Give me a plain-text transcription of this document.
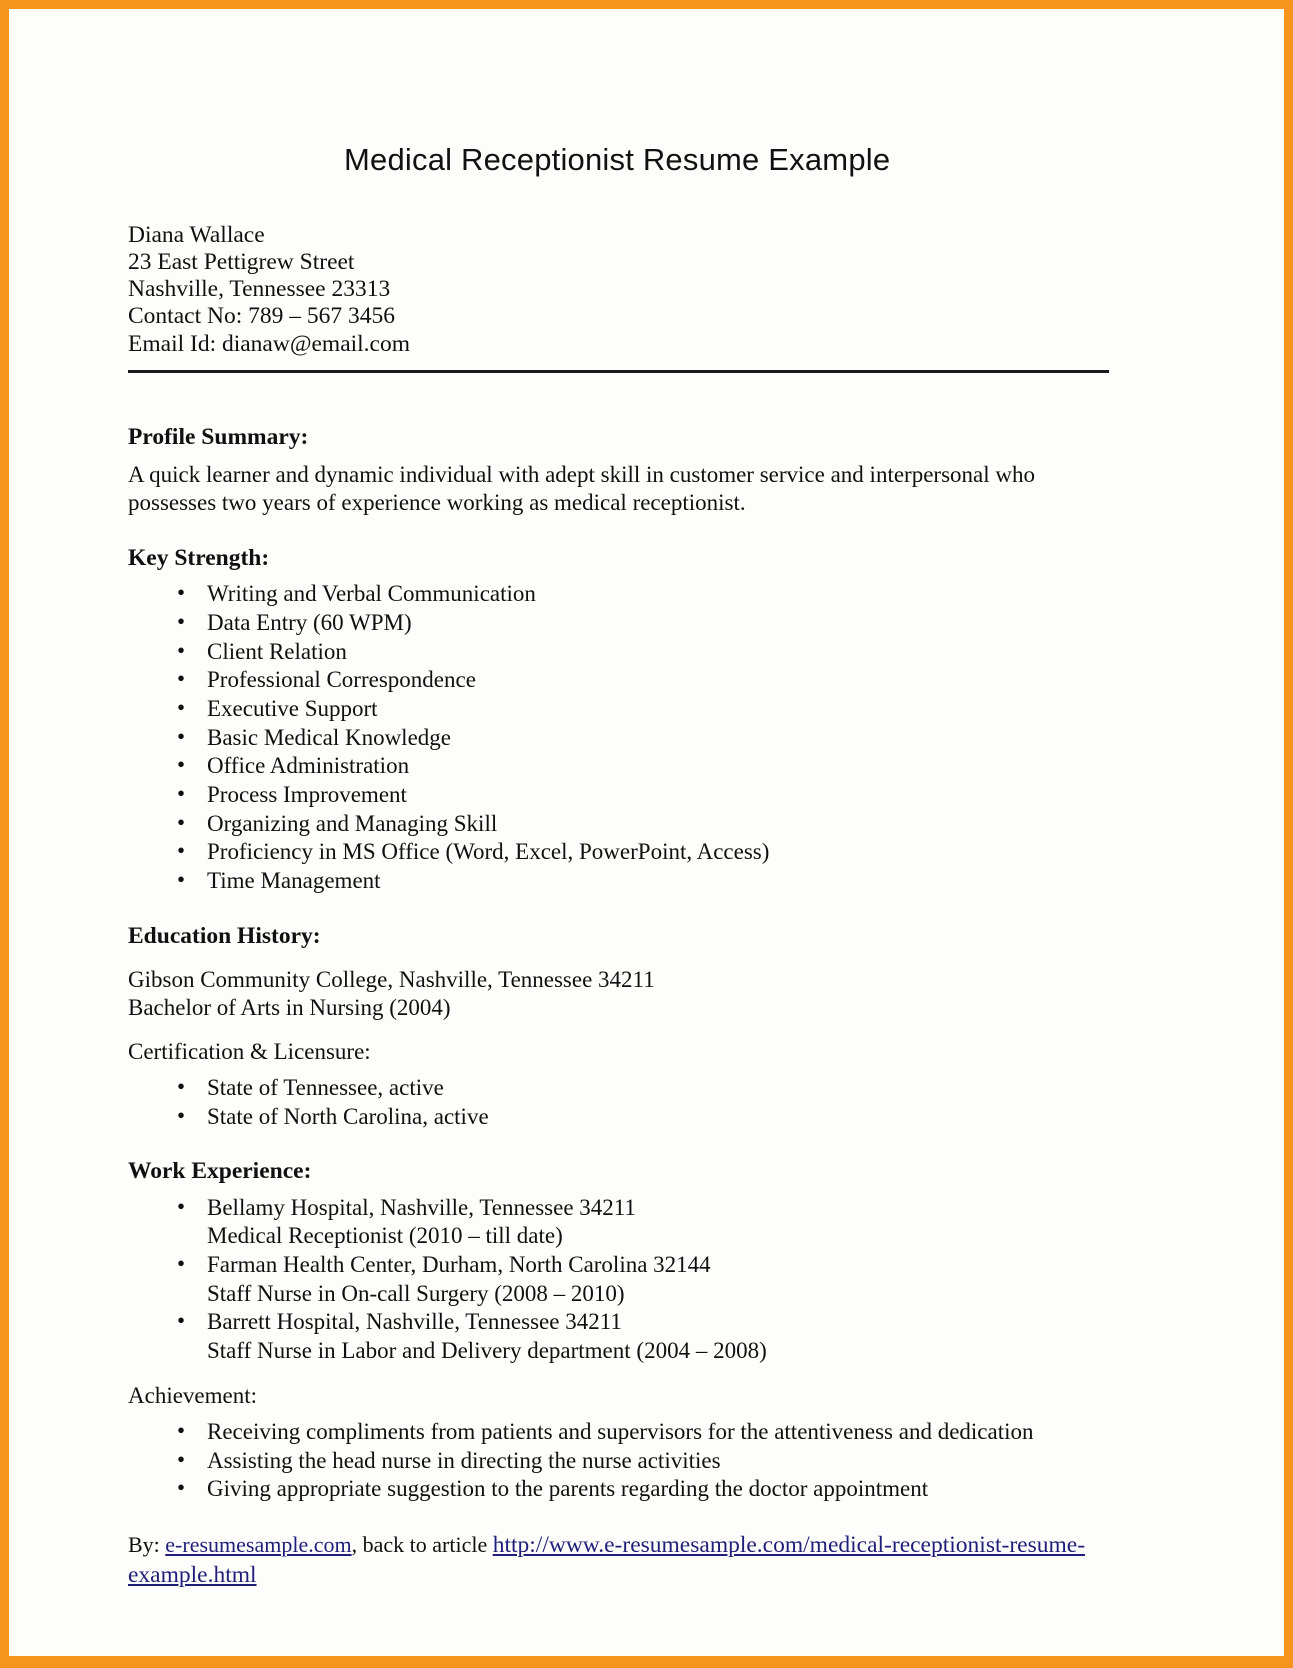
Medical Receptionist Resume Example
Diana Wallace
23 East Pettigrew Street
Nashville, Tennessee 23313
Contact No: 789 – 567 3456
Email Id: dianaw@email.com
Profile Summary:

A quick learner and dynamic individual with adept skill in customer service and interpersonal who possesses two years of experience working as medical receptionist.

Key Strength:
• Writing and Verbal Communication
• Data Entry (60 WPM)
• Client Relation
• Professional Correspondence
• Executive Support
• Basic Medical Knowledge
• Office Administration
• Process Improvement
• Organizing and Managing Skill
• Proficiency in MS Office (Word, Excel, PowerPoint, Access)
• Time Management
Education History:
Gibson Community College, Nashville, Tennessee 34211
Bachelor of Arts in Nursing (2004)
Certification & Licensure:
• State of Tennessee, active
• State of North Carolina, active
Work Experience:
• Bellamy Hospital, Nashville, Tennessee 34211
Medical Receptionist (2010 – till date)
• Farman Health Center, Durham, North Carolina 32144
Staff Nurse in On-call Surgery (2008 – 2010)
• Barrett Hospital, Nashville, Tennessee 34211
Staff Nurse in Labor and Delivery department (2004 – 2008)
Achievement:
• Receiving compliments from patients and supervisors for the attentiveness and dedication
• Assisting the head nurse in directing the nurse activities
• Giving appropriate suggestion to the parents regarding the doctor appointment
By: e-resumesample.com, back to article http://www.e-resumesample.com/medical-receptionist-resume-example.html
